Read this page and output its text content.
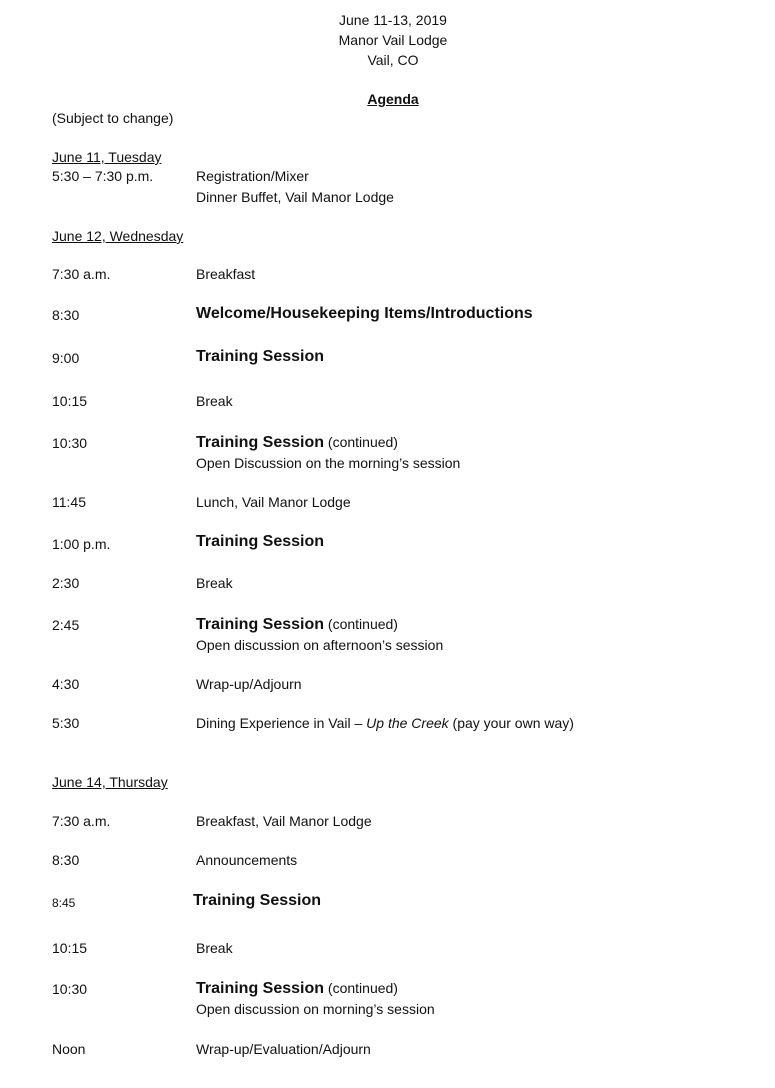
June 11-13, 2019
Manor Vail Lodge
Vail, CO
Agenda
(Subject to change)
June 11, Tuesday
5:30 – 7:30 p.m.	Registration/Mixer
Dinner Buffet, Vail Manor Lodge
June 12, Wednesday
7:30 a.m.	Breakfast
8:30	Welcome/Housekeeping Items/Introductions
9:00	Training Session
10:15	Break
10:30	Training Session (continued)
Open Discussion on the morning’s session
11:45	Lunch, Vail Manor Lodge
1:00 p.m.	Training Session
2:30	Break
2:45	Training Session (continued)
Open discussion on afternoon’s session
4:30	Wrap-up/Adjourn
5:30	Dining Experience in Vail – Up the Creek (pay your own way)
June 14, Thursday
7:30 a.m.	Breakfast, Vail Manor Lodge
8:30	Announcements
8:45	Training Session
10:15	Break
10:30	Training Session (continued)
Open discussion on morning’s session
Noon	Wrap-up/Evaluation/Adjourn
